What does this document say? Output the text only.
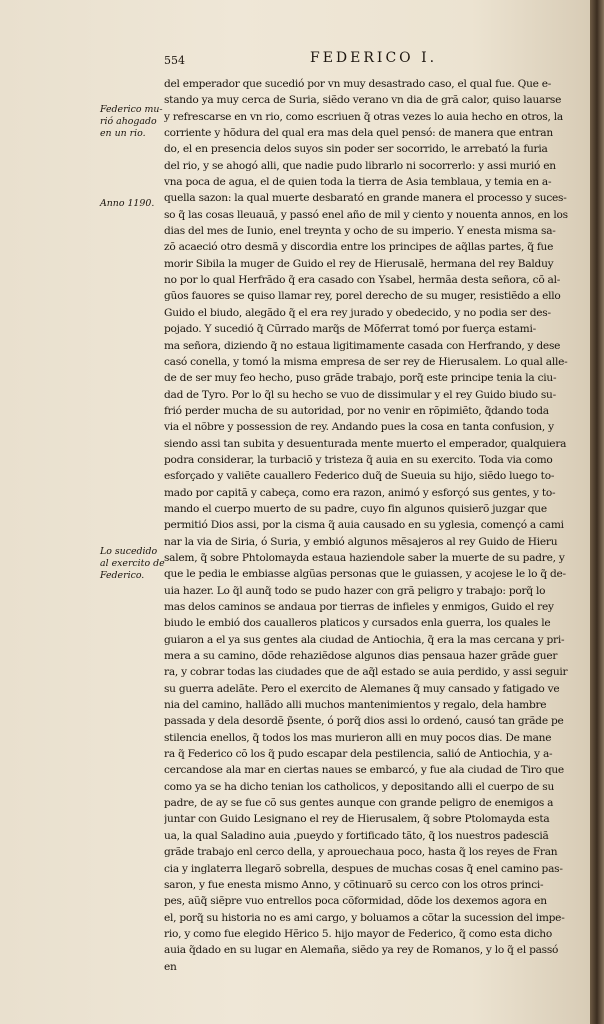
554	FEDERICO I.
Federico mu-
rió ahogado
en un rio.
Anno 1190.
Lo sucedido
al exercito de
Federico.
del emperador que sucedió por vn muy desastrado caso, el qual fue. Que e-
stando ya muy cerca de Suria, siẽdo verano vn dia de grã calor, quiso lauarse
y refrescarse en vn rio, como escriuen q̃ otras vezes lo auia hecho en otros, la
corriente y hõdura del qual era mas dela quel pensó: de manera que entran
do, el en presencia delos suyos sin poder ser socorrido, le arrebató la furia
del rio, y se ahogó alli, que nadie pudo librarlo ni socorrerlo: y assi murió en
vna poca de agua, el de quien toda la tierra de Asia temblaua, y temia en a-
quella sazon: la qual muerte desbarató en grande manera el processo y suces-
so q̃ las cosas lleuauã, y passó enel año de mil y ciento y nouenta annos, en los
dias del mes de Iunio, enel treynta y ocho de su imperio. Y enesta misma sa-
zõ acaeció otro desmã y discordia entre los principes de aq̃llas partes, q̃ fue
morir Sibila la muger de Guido el rey de Hierusalẽ, hermana del rey Balduy
no por lo qual Herfrãdo q̃ era casado con Ysabel, hermãa desta señora, cõ al-
gũos fauores se quiso llamar rey, porel derecho de su muger, resistiẽdo a ello
Guido el biudo, alegãdo q̃ el era rey jurado y obedecido, y no podia ser des-
pojado. Y sucedió q̃ Cũrrado marq̃s de Mõferrat tomó por fuerça estami-
ma señora, diziendo q̃ no estaua ligitimamente casada con Herfrando, y dese
casó conella, y tomó la misma empresa de ser rey de Hierusalem. Lo qual alle-
de de ser muy feo hecho, puso grãde trabajo, porq̃ este principe tenia la ciu-
dad de Tyro. Por lo q̃l su hecho se vuo de dissimular y el rey Guido biudo su-
frió perder mucha de su autoridad, por no venir en rõpimiẽto, q̃dando toda
via el nõbre y possession de rey. Andando pues la cosa en tanta confusion, y
siendo assi tan subita y desuenturada mente muerto el emperador, qualquiera
podra considerar, la turbaciõ y tristeza q̃ auia en su exercito. Toda via como
esforçado y valiẽte cauallero Federico duq̃ de Sueuia su hijo, siẽdo luego to-
mado por capitã y cabeça, como era razon, animó y esforçó sus gentes, y to-
mando el cuerpo muerto de su padre, cuyo fin algunos quisierõ juzgar que
permitió Dios assi, por la cisma q̃ auia causado en su yglesia, començó a cami
nar la via de Siria, ó Suria, y embió algunos mẽsajeros al rey Guido de Hieru
salem, q̃ sobre Phtolomayda estaua haziendole saber la muerte de su padre, y
que le pedia le embiasse algũas personas que le guiassen, y acojese le lo q̃ de-
uia hazer. Lo q̃l aunq̃ todo se pudo hazer con grã peligro y trabajo: porq̃ lo
mas delos caminos se andaua por tierras de infieles y enmigos, Guido el rey
biudo le embió dos caualleros platicos y cursados enla guerra, los quales le
guiaron a el ya sus gentes ala ciudad de Antiochia, q̃ era la mas cercana y pri-
mera a su camino, dõde rehaziẽdose algunos dias pensaua hazer grãde guer
ra, y cobrar todas las ciudades que de aq̃l estado se auia perdido, y assi seguir
su guerra adelãte. Pero el exercito de Alemanes q̃ muy cansado y fatigado ve
nia del camino, hallãdo alli muchos mantenimientos y regalo, dela hambre
passada y dela desordẽ p̃sente, ó porq̃ dios assi lo ordenó, causó tan grãde pe
stilencia enellos, q̃ todos los mas murieron alli en muy pocos dias. De mane
ra q̃ Federico cõ los q̃ pudo escapar dela pestilencia, salió de Antiochia, y a-
cercandose ala mar en ciertas naues se embarcó, y fue ala ciudad de Tiro que
como ya se ha dicho tenian los catholicos, y depositando alli el cuerpo de su
padre, de ay se fue cõ sus gentes aunque con grande peligro de enemigos a
juntar con Guido Lesignano el rey de Hierusalem, q̃ sobre Ptolomayda esta
ua, la qual Saladino auia ,pueydo y fortificado tãto, q̃ los nuestros padesciã
grãde trabajo enl cerco della, y aprouechaua poco, hasta q̃ los reyes de Fran
cia y inglaterra llegarõ sobrella, despues de muchas cosas q̃ enel camino pas-
saron, y fue enesta mismo Anno, y cõtinuarõ su cerco con los otros princi-
pes, aũq̃ siẽpre vuo entrellos poca cõformidad, dõde los dexemos agora en
el, porq̃ su historia no es ami cargo, y boluamos a cõtar la sucession del impe-
rio, y como fue elegido Hẽrico 5. hijo mayor de Federico, q̃ como esta dicho
auia q̃dado en su lugar en Alemaña, siẽdo ya rey de Romanos, y lo q̃ el passó
en
